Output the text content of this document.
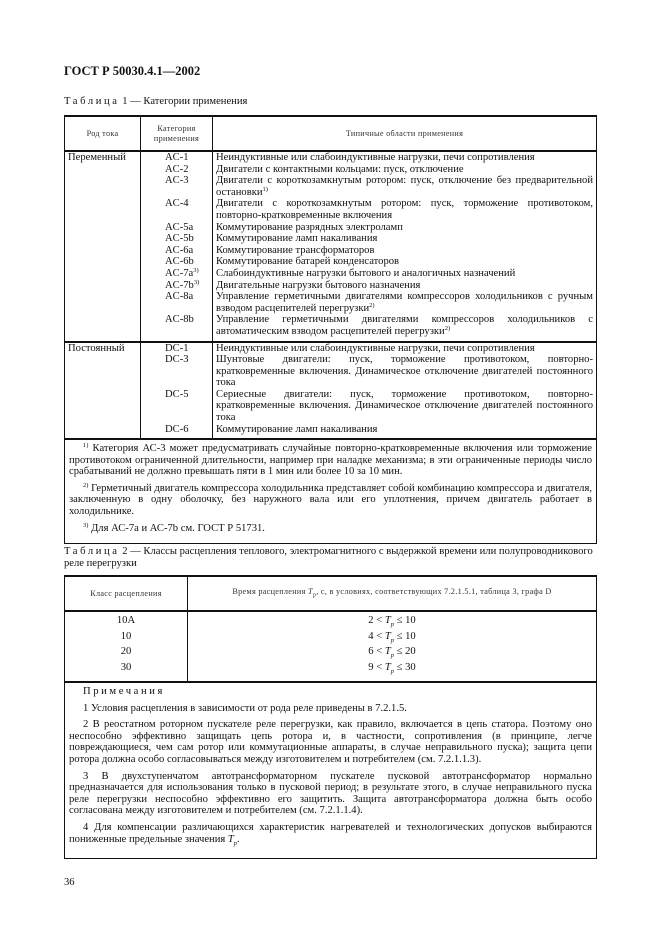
ГОСТ Р 50030.4.1—2002
Таблица 1 — Категории применения
Род тока	Категория применения	Типичные области применения
Переменный	AC-1	Неиндуктивные или слабоиндуктивные нагрузки, печи сопротивления
	AC-2	Двигатели с контактными кольцами: пуск, отключение
	AC-3	Двигатели с короткозамкнутым ротором: пуск, отключение без предварительной остановки$^{1)}$
	AC-4	Двигатели с короткозамкнутым ротором: пуск, торможение противотоком, повторно-кратковременные включения
	AC-5a	Коммутирование разрядных электроламп
	AC-5b	Коммутирование ламп накаливания
	AC-6a	Коммутирование трансформаторов
	AC-6b	Коммутирование батарей конденсаторов
	$AC-7a^{3)}$	Слабоиндуктивные нагрузки бытового и аналогичных назначений
	$AC-7b^{3)}$	Двигательные нагрузки бытового назначения
	AC-8a	Управление герметичными двигателями компрессоров холодильников с ручным взводом расцепителей перегрузки$^{2)}$
	AC-8b	Управление герметичными двигателями компрессоров холодильников с автоматическим взводом расцепителей перегрузки$^{2)}$
Постоянный	DC-1	Неиндуктивные или слабоиндуктивные нагрузки, печи сопротивления
	DC-3	Шунтовые двигатели: пуск, торможение противотоком, повторно-кратковременные включения. Динамическое отключение двигателей постоянного тока
	DC-5	Сериесные двигатели: пуск, торможение противотоком, повторно-кратковременные включения. Динамическое отключение двигателей постоянного тока
	DC-6	Коммутирование ламп накаливания

$^{1)}$ Категория АС-3 может предусматривать случайные повторно-кратковременные включения или торможение противотоком ограниченной длительности, например при наладке механизма; в эти ограниченные периоды число срабатываний не должно превышать пяти в 1 мин или более 10 за 10 мин.

$^{2)}$ Герметичный двигатель компрессора холодильника представляет собой комбинацию компрессора и двигателя, заключенную в одну оболочку, без наружного вала или его уплотнения, причем двигатель работает в холодильнике.

$^{3)}$ Для АС-7а и АС-7b см. ГОСТ Р 51731.

Таблица 2 — Классы расцепления теплового, электромагнитного с выдержкой времени или полупроводникового реле перегрузки
Класс расцепления	Время расцепления $T_p$, с, в условиях, соответствующих 7.2.1.5.1, таблица 3, графа D
10A	$2 < T_p \le 10$
10	$4 < T_p \le 10$
20	$6 < T_p \le 20$
30	$9 < T_p \le 30$

Примечания

1 Условия расцепления в зависимости от рода реле приведены в 7.2.1.5.

2 В реостатном роторном пускателе реле перегрузки, как правило, включается в цепь статора. Поэтому оно неспособно эффективно защищать цепь ротора и, в частности, сопротивления (в принципе, легче повреждающиеся, чем сам ротор или коммутационные аппараты, в случае неправильного пуска); защита цепи ротора должна особо согласовываться между изготовителем и потребителем (см. 7.2.1.1.3).

3 В двухступенчатом автотрансформаторном пускателе пусковой автотрансформатор нормально предназначается для использования только в пусковой период; в результате этого, в случае неправильного пуска реле перегрузки неспособно эффективно его защитить. Защита автотрансформатора должна быть особо согласована между изготовителем и потребителем (см. 7.2.1.1.4).

4 Для компенсации различающихся характеристик нагревателей и технологических допусков выбираются пониженные предельные значения $T_p$.

36
